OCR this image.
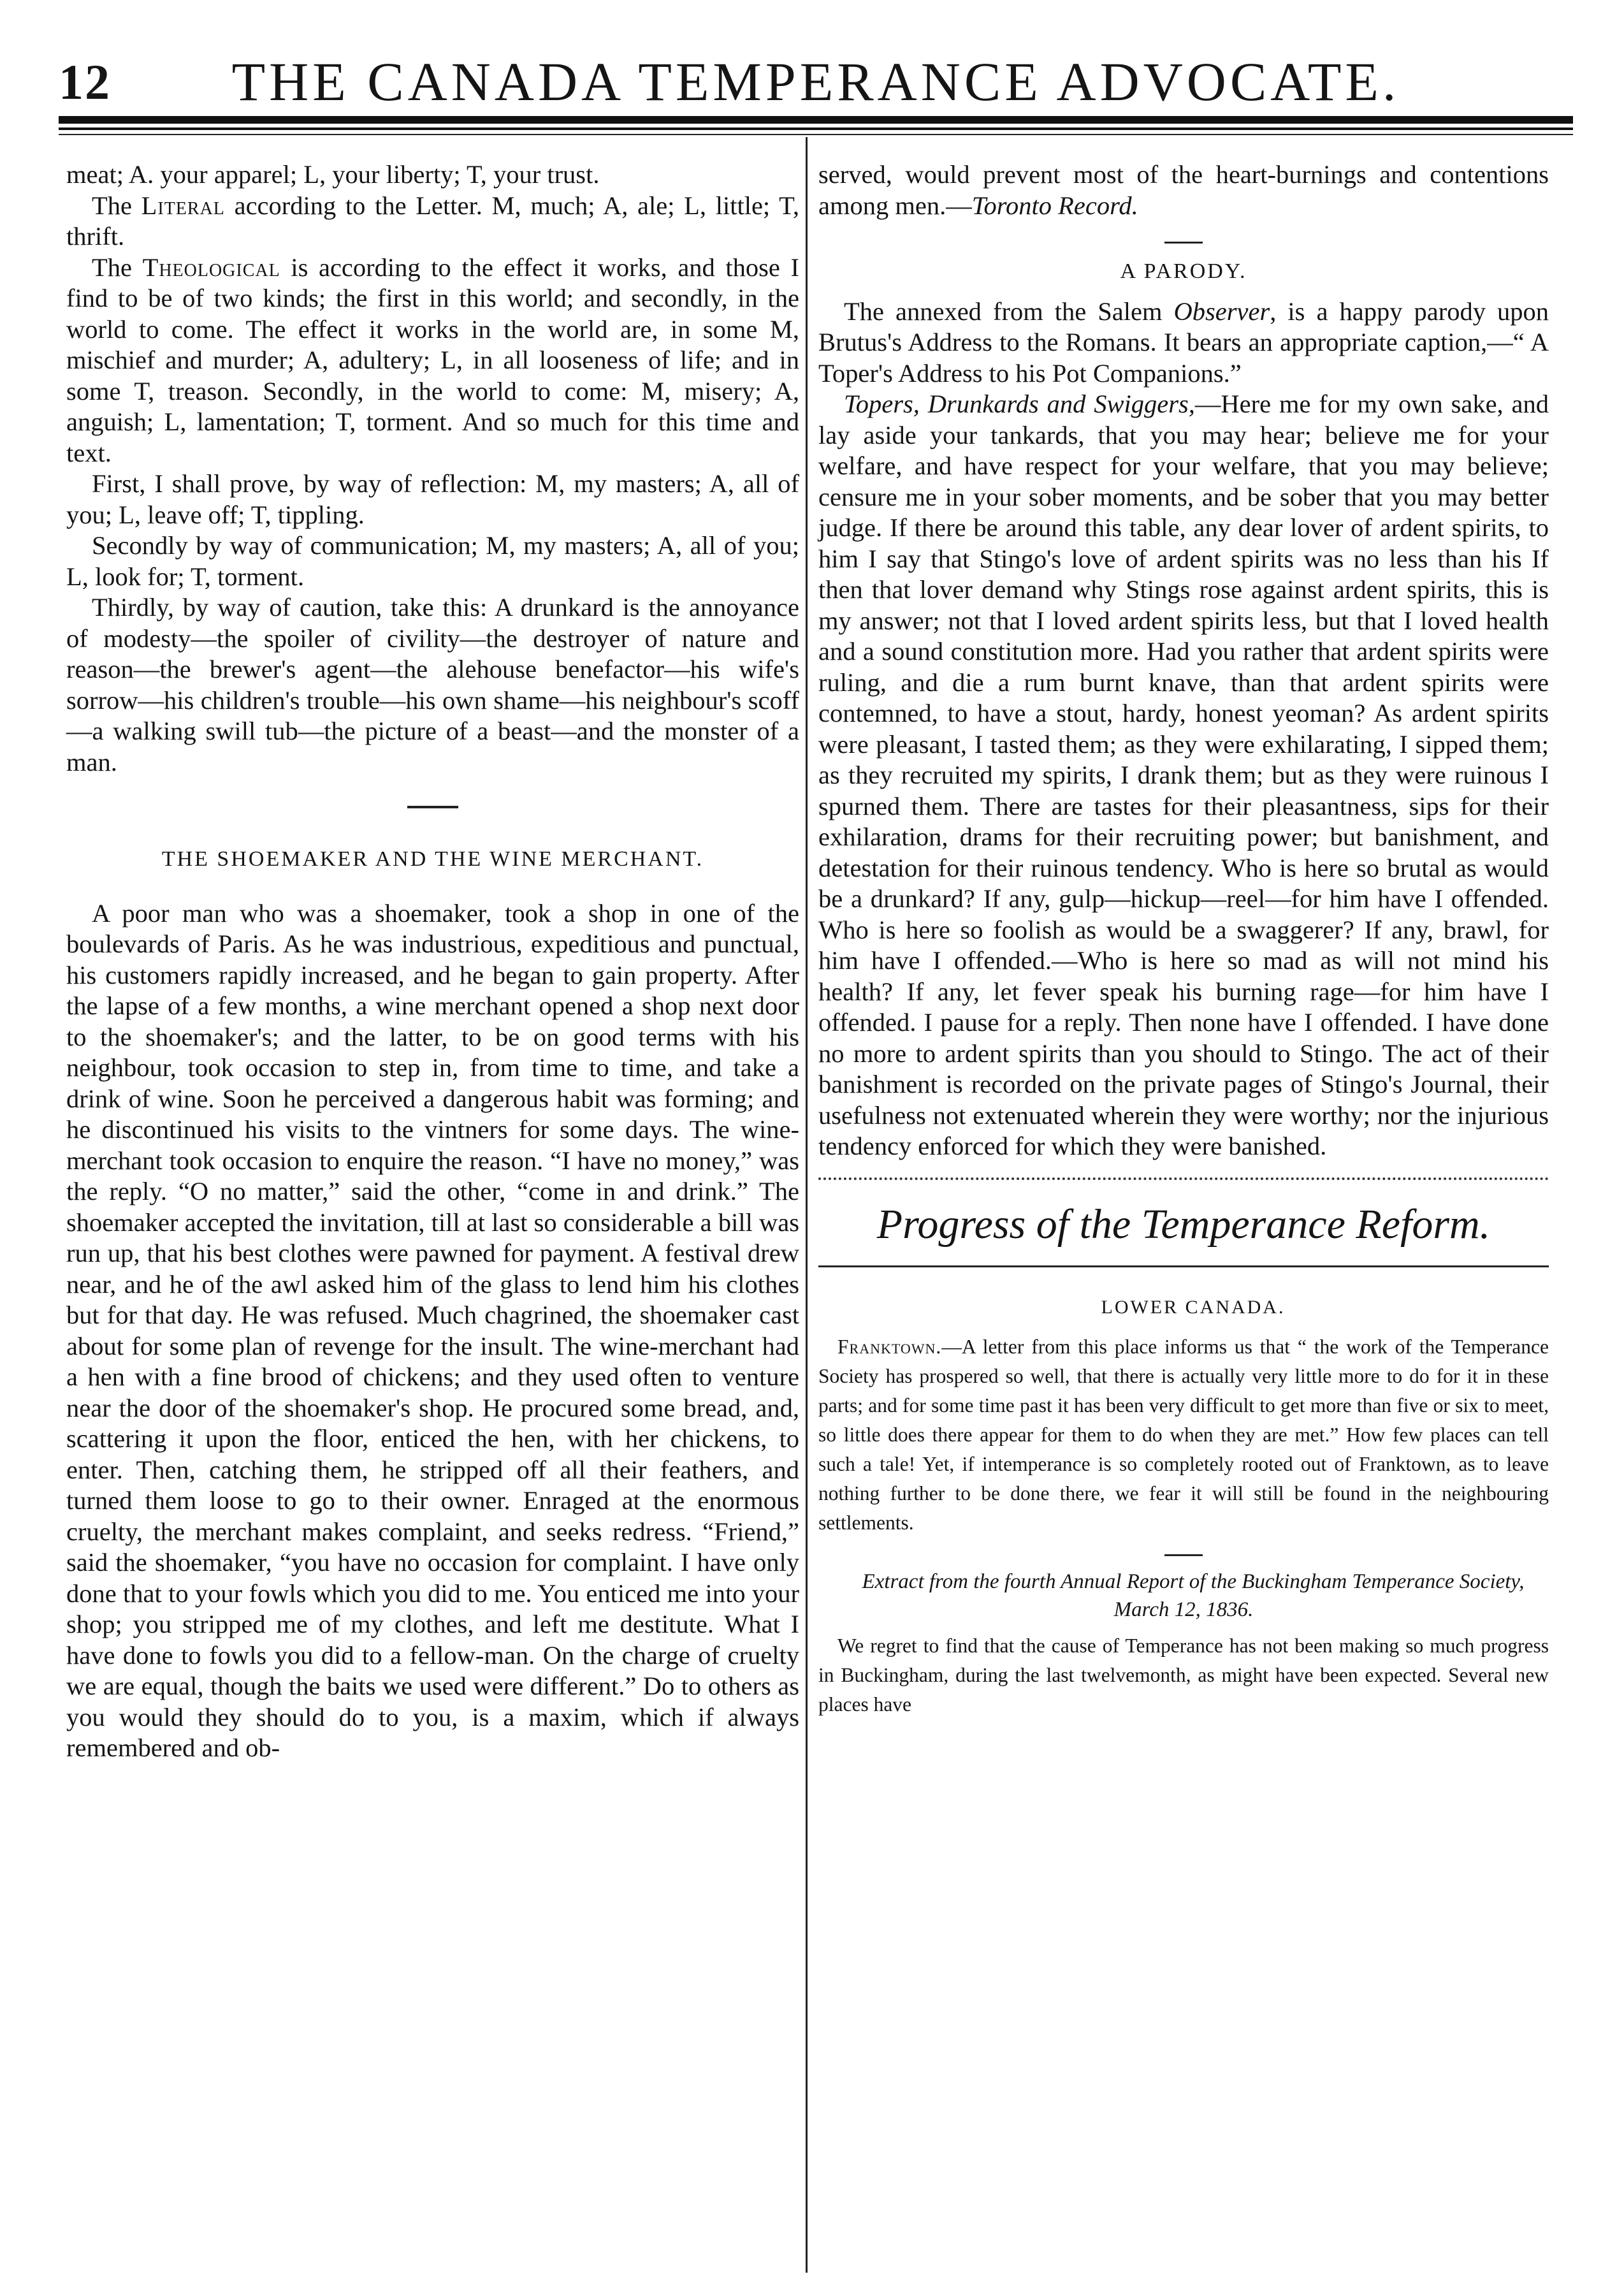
12	THE CANADA TEMPERANCE ADVOCATE.

meat; A. your apparel; L, your liberty; T, your trust.

The Literal according to the Letter. M, much; A, ale; L, little; T, thrift.

The Theological is according to the effect it works, and those I find to be of two kinds; the first in this world; and secondly, in the world to come. The effect it works in the world are, in some M, mischief and murder; A, adultery; L, in all looseness of life; and in some T, treason. Secondly, in the world to come: M, misery; A, anguish; L, lamentation; T, torment. And so much for this time and text.

First, I shall prove, by way of reflection: M, my masters; A, all of you; L, leave off; T, tippling.

Secondly by way of communication; M, my masters; A, all of you; L, look for; T, torment.

Thirdly, by way of caution, take this: A drunkard is the annoyance of modesty—the spoiler of civility—the destroyer of nature and reason—the brewer's agent—the alehouse benefactor—his wife's sorrow—his children's trouble—his own shame—his neighbour's scoff—a walking swill tub—the picture of a beast—and the monster of a man.

THE SHOEMAKER AND THE WINE MERCHANT.

A poor man who was a shoemaker, took a shop in one of the boulevards of Paris. As he was industrious, expeditious and punctual, his customers rapidly increased, and he began to gain property. After the lapse of a few months, a wine merchant opened a shop next door to the shoemaker's; and the latter, to be on good terms with his neighbour, took occasion to step in, from time to time, and take a drink of wine. Soon he perceived a dangerous habit was forming; and he discontinued his visits to the vintners for some days. The wine-merchant took occasion to enquire the reason. “I have no money,” was the reply. “O no matter,” said the other, “come in and drink.” The shoemaker accepted the invitation, till at last so considerable a bill was run up, that his best clothes were pawned for payment. A festival drew near, and he of the awl asked him of the glass to lend him his clothes but for that day. He was refused. Much chagrined, the shoemaker cast about for some plan of revenge for the insult. The wine-merchant had a hen with a fine brood of chickens; and they used often to venture near the door of the shoemaker's shop. He procured some bread, and, scattering it upon the floor, enticed the hen, with her chickens, to enter. Then, catching them, he stripped off all their feathers, and turned them loose to go to their owner. Enraged at the enormous cruelty, the merchant makes complaint, and seeks redress. “Friend,” said the shoemaker, “you have no occasion for complaint. I have only done that to your fowls which you did to me. You enticed me into your shop; you stripped me of my clothes, and left me destitute. What I have done to fowls you did to a fellow-man. On the charge of cruelty we are equal, though the baits we used were different.” Do to others as you would they should do to you, is a maxim, which if always remembered and ob-

served, would prevent most of the heart-burnings and contentions among men.—Toronto Record.

A PARODY.

The annexed from the Salem Observer, is a happy parody upon Brutus's Address to the Romans. It bears an appropriate caption,—“ A Toper's Address to his Pot Companions.”

Topers, Drunkards and Swiggers,—Here me for my own sake, and lay aside your tankards, that you may hear; believe me for your welfare, and have respect for your welfare, that you may believe; censure me in your sober moments, and be sober that you may better judge. If there be around this table, any dear lover of ardent spirits, to him I say that Stingo's love of ardent spirits was no less than his If then that lover demand why Stings rose against ardent spirits, this is my answer; not that I loved ardent spirits less, but that I loved health and a sound constitution more. Had you rather that ardent spirits were ruling, and die a rum burnt knave, than that ardent spirits were contemned, to have a stout, hardy, honest yeoman? As ardent spirits were pleasant, I tasted them; as they were exhilarating, I sipped them; as they recruited my spirits, I drank them; but as they were ruinous I spurned them. There are tastes for their pleasantness, sips for their exhilaration, drams for their recruiting power; but banishment, and detestation for their ruinous tendency. Who is here so brutal as would be a drunkard? If any, gulp—hickup—reel—for him have I offended. Who is here so foolish as would be a swaggerer? If any, brawl, for him have I offended.—Who is here so mad as will not mind his health? If any, let fever speak his burning rage—for him have I offended. I pause for a reply. Then none have I offended. I have done no more to ardent spirits than you should to Stingo. The act of their banishment is recorded on the private pages of Stingo's Journal, their usefulness not extenuated wherein they were worthy; nor the injurious tendency enforced for which they were banished.

Progress of the Temperance Reform.

LOWER CANADA.

Franktown.—A letter from this place informs us that “ the work of the Temperance Society has prospered so well, that there is actually very little more to do for it in these parts; and for some time past it has been very difficult to get more than five or six to meet, so little does there appear for them to do when they are met.” How few places can tell such a tale! Yet, if intemperance is so completely rooted out of Franktown, as to leave nothing further to be done there, we fear it will still be found in the neighbouring settlements.

Extract from the fourth Annual Report of the Buckingham Temperance Society, March 12, 1836.

We regret to find that the cause of Temperance has not been making so much progress in Buckingham, during the last twelvemonth, as might have been expected. Several new places have
